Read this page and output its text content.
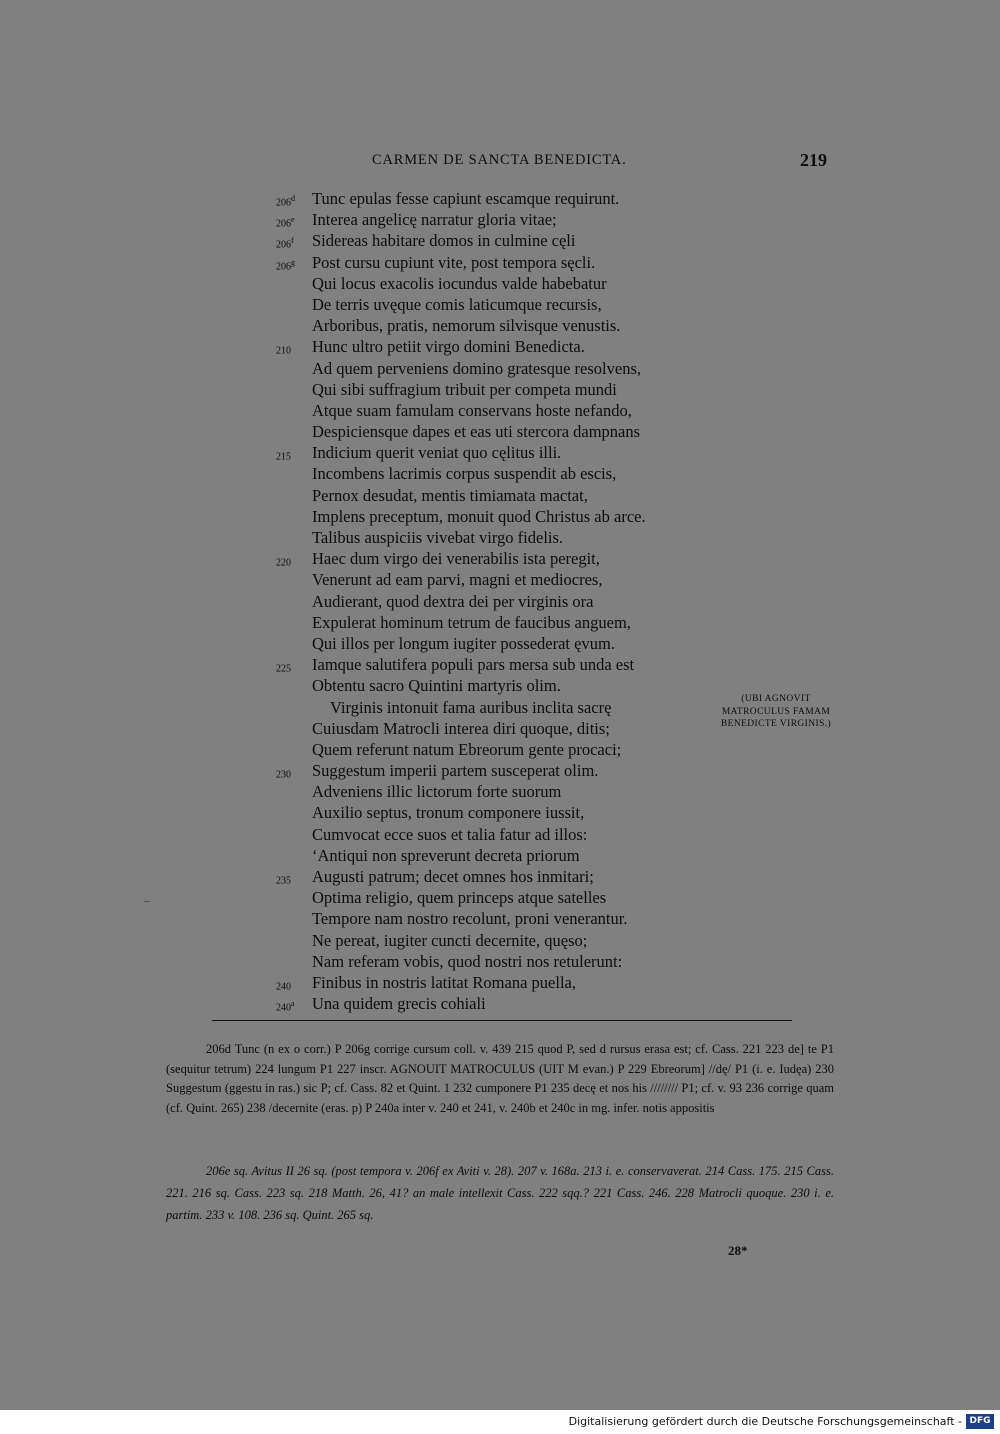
CARMEN DE SANCTA BENEDICTA.	219
206$^d$	Tunc epulas fesse capiunt escamque requirunt.
206e	Interea angelicę narratur gloria vitae;
206$^f$	Sidereas habitare domos in culmine cęli
206$^g$	Post cursu cupiunt vite, post tempora sęcli.
Qui locus exacolis iocundus valde habebatur
De terris uvęque comis laticumque recursis,
Arboribus, pratis, nemorum silvisque venustis.
210	Hunc ultro petiit virgo domini Benedicta.
Ad quem perveniens domino gratesque resolvens,
Qui sibi suffragium tribuit per competa mundi
Atque suam famulam conservans hoste nefando,
Despiciensque dapes et eas uti stercora dampnans
215	Indicium querit veniat quo cęlitus illi.
Incombens lacrimis corpus suspendit ab escis,
Pernox desudat, mentis timiamata mactat,
Implens preceptum, monuit quod Christus ab arce.
Talibus auspiciis vivebat virgo fidelis.
220	Haec dum virgo dei venerabilis ista peregit,
Venerunt ad eam parvi, magni et mediocres,
Audierant, quod dextra dei per virginis ora
Expulerat hominum tetrum de faucibus anguem,
Qui illos per longum iugiter possederat ęvum.
225	Iamque salutifera populi pars mersa sub unda est
Obtentu sacro Quintini martyris olim.
Virginis intonuit fama auribus inclita sacrę
Cuiusdam Matrocli interea diri quoque, ditis;
Quem referunt natum Ebreorum gente procaci;
230	Suggestum imperii partem susceperat olim.
Adveniens illic lictorum forte suorum
Auxilio septus, tronum componere iussit,
Cumvocat ecce suos et talia fatur ad illos:
‘Antiqui non spreverunt decreta priorum
235	Augusti patrum; decet omnes hos inmitari;
Optima religio, quem princeps atque satelles
Tempore nam nostro recolunt, proni venerantur.
Ne pereat, iugiter cuncti decernite, quęso;
Nam referam vobis, quod nostri nos retulerunt:
240	Finibus in nostris latitat Romana puella,
240$^a$	Una quidem grecis cohiali
(UBI AGNOVIT
MATROCULUS FAMAM
BENEDICTE VIRGINIS.)

206d Tunc (n ex o corr.) P 206g corrige cursum coll. v. 439 215 quod P, sed d rursus erasa est; cf. Cass. 221 223 de] te P1 (sequitur tetrum) 224 lungum P1 227 inscr. AGNOUIT MATROCULUS (UIT M evan.) P 229 Ebreorum] //dę/ P1 (i. e. Iudęa) 230 Suggestum (ggestu in ras.) sic P; cf. Cass. 82 et Quint. 1 232 cumponere P1 235 decę et nos his //////// P1; cf. v. 93 236 corrige quam (cf. Quint. 265) 238 /decernite (eras. p) P 240a inter v. 240 et 241, v. 240b et 240c in mg. infer. notis appositis

206e sq. Avitus II 26 sq. (post tempora v. 206f ex Aviti v. 28). 207 v. 168a. 213 i. e. conservaverat. 214 Cass. 175. 215 Cass. 221. 216 sq. Cass. 223 sq. 218 Matth. 26, 41? an male intellexit Cass. 222 sqq.? 221 Cass. 246. 228 Matrocli quoque. 230 i. e. partim. 233 v. 108. 236 sq. Quint. 265 sq.

28*
Digitalisierung gefördert durch die Deutsche Forschungsgemeinschaft - DFG
